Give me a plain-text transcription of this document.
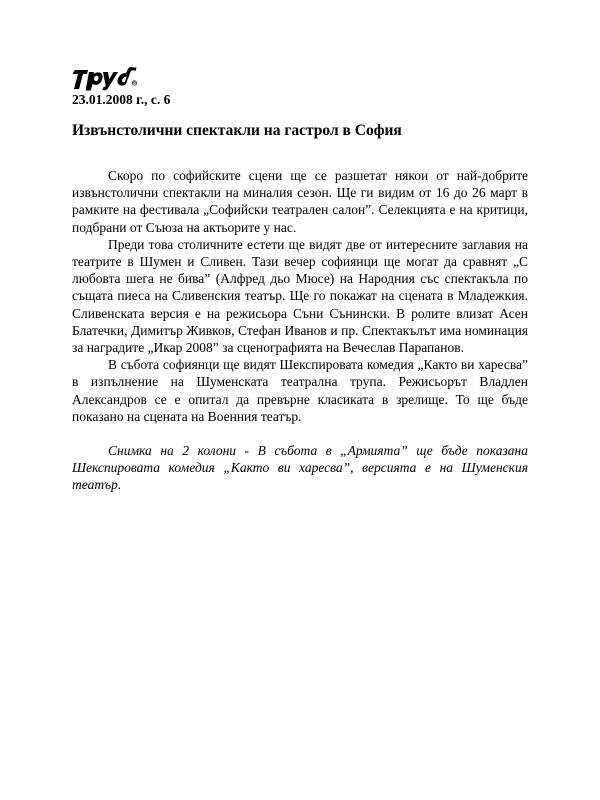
23.01.2008 г., с. 6

Извънстолични спектакли на гастрол в София

Скоро по софийските сцени ще се разшетат някои от най-добрите извънстолични спектакли на миналия сезон. Ще ги видим от 16 до 26 март в рамките на фестивала „Софийски театрален салон”. Селекцията е на критици, подбрани от Съюза на актьорите у нас.

Преди това столичните естети ще видят две от интересните заглавия на театрите в Шумен и Сливен. Тази вечер софиянци ще могат да сравнят „С любовта шега не бива” (Алфред дьо Мюсе) на Народния със спектакъла по същата пиеса на Сливенския театър. Ще го покажат на сцената в Младежкия. Сливенската версия е на режисьора Съни Сънински. В ролите влизат Асен Блатечки, Димитър Живков, Стефан Иванов и пр. Спектакълът има номинация за наградите „Икар 2008” за сценографията на Вечеслав Парапанов.

В събота софиянци ще видят Шекспировата комедия „Както ви харесва” в изпълнение на Шуменската театрална трупа. Режисьорът Владлен Александров се е опитал да превърне класиката в зрелище. То ще бъде показано на сцената на Военния театър.

Снимка на 2 колони - В събота в „Армията” ще бъде показана Шекспировата комедия „Както ви харесва”, версията е на Шуменския театър.
